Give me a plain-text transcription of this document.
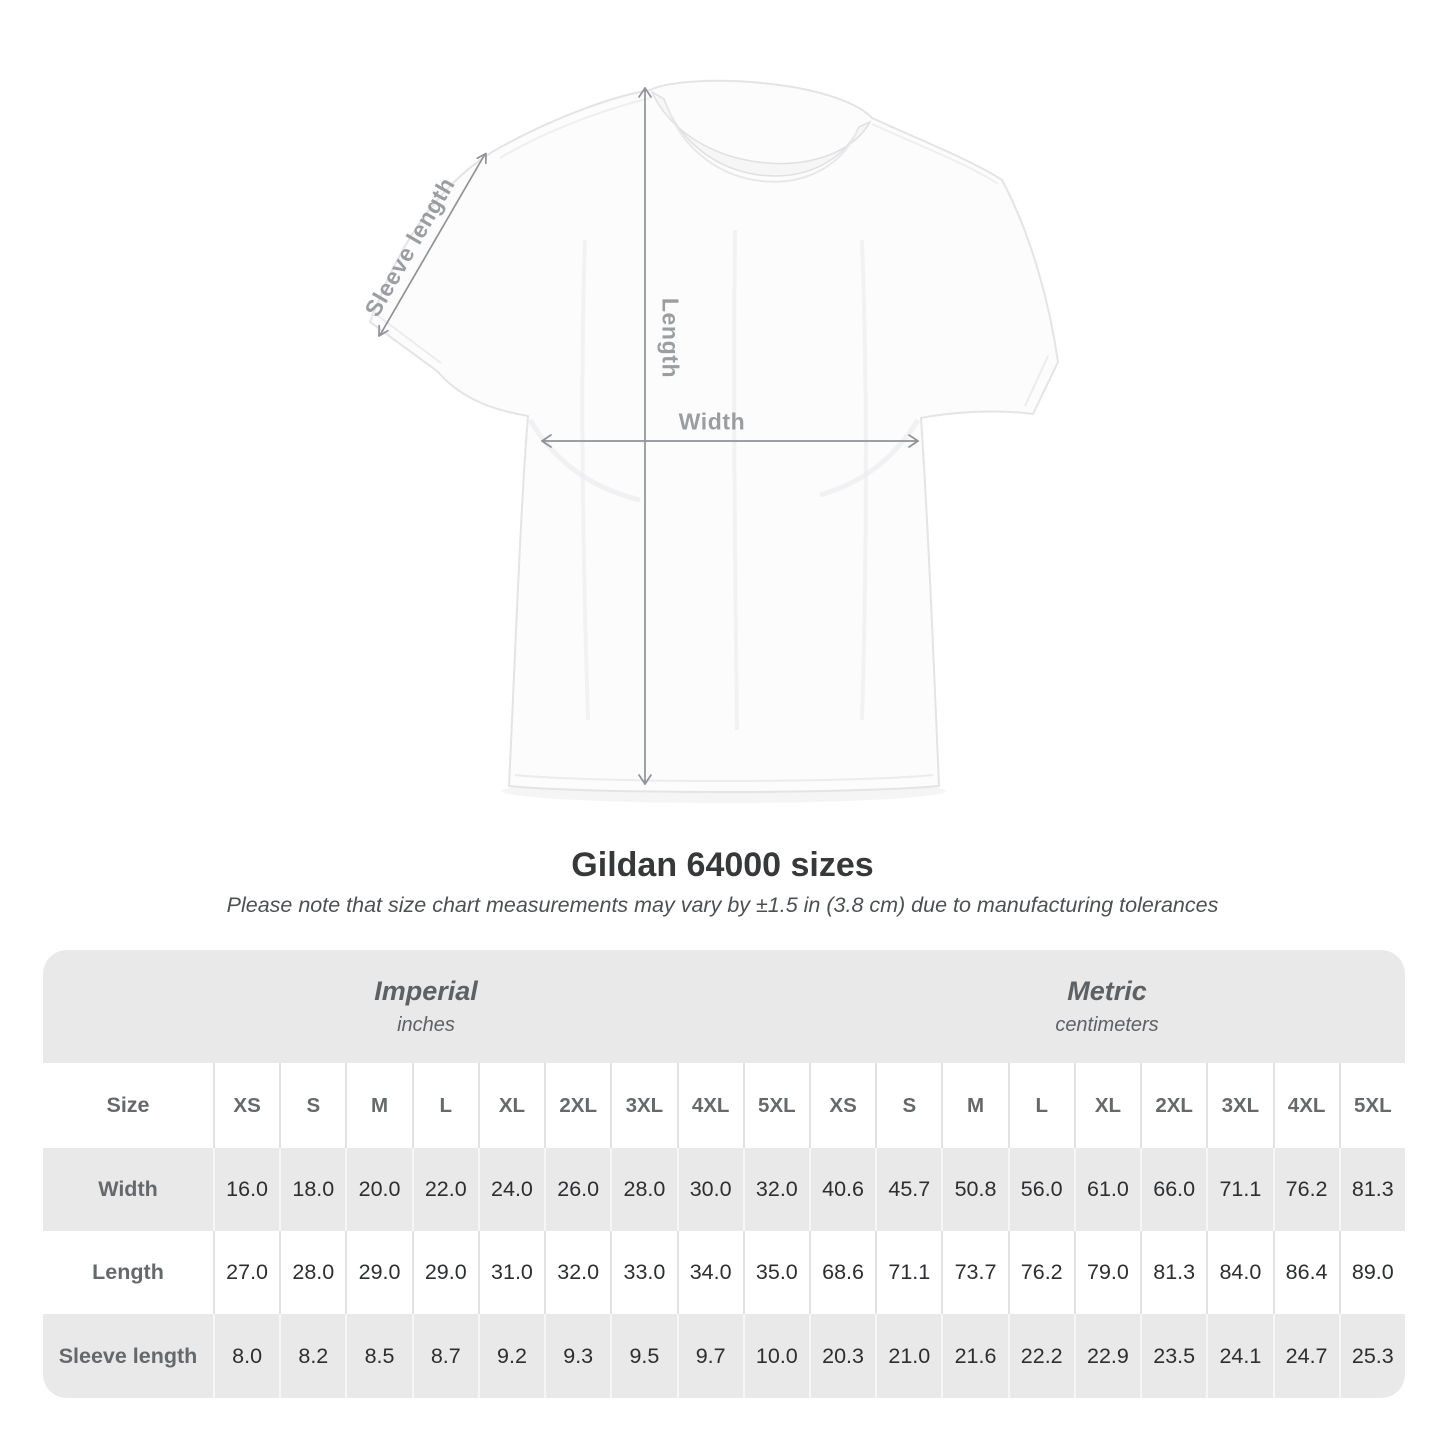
Sleeve length
Length
Width
Gildan 64000 sizes

Please note that size chart measurements may vary by ±1.5 in (3.8 cm) due to manufacturing tolerances

Imperial
inches
Metric
centimeters
Size	XS	S	M	L	XL	2XL	3XL	4XL	5XL	XS	S	M	L	XL	2XL	3XL	4XL	5XL
Width	16.0	18.0	20.0	22.0	24.0	26.0	28.0	30.0	32.0	40.6	45.7	50.8	56.0	61.0	66.0	71.1	76.2	81.3
Length	27.0	28.0	29.0	29.0	31.0	32.0	33.0	34.0	35.0	68.6	71.1	73.7	76.2	79.0	81.3	84.0	86.4	89.0
Sleeve length	8.0	8.2	8.5	8.7	9.2	9.3	9.5	9.7	10.0	20.3	21.0	21.6	22.2	22.9	23.5	24.1	24.7	25.3
